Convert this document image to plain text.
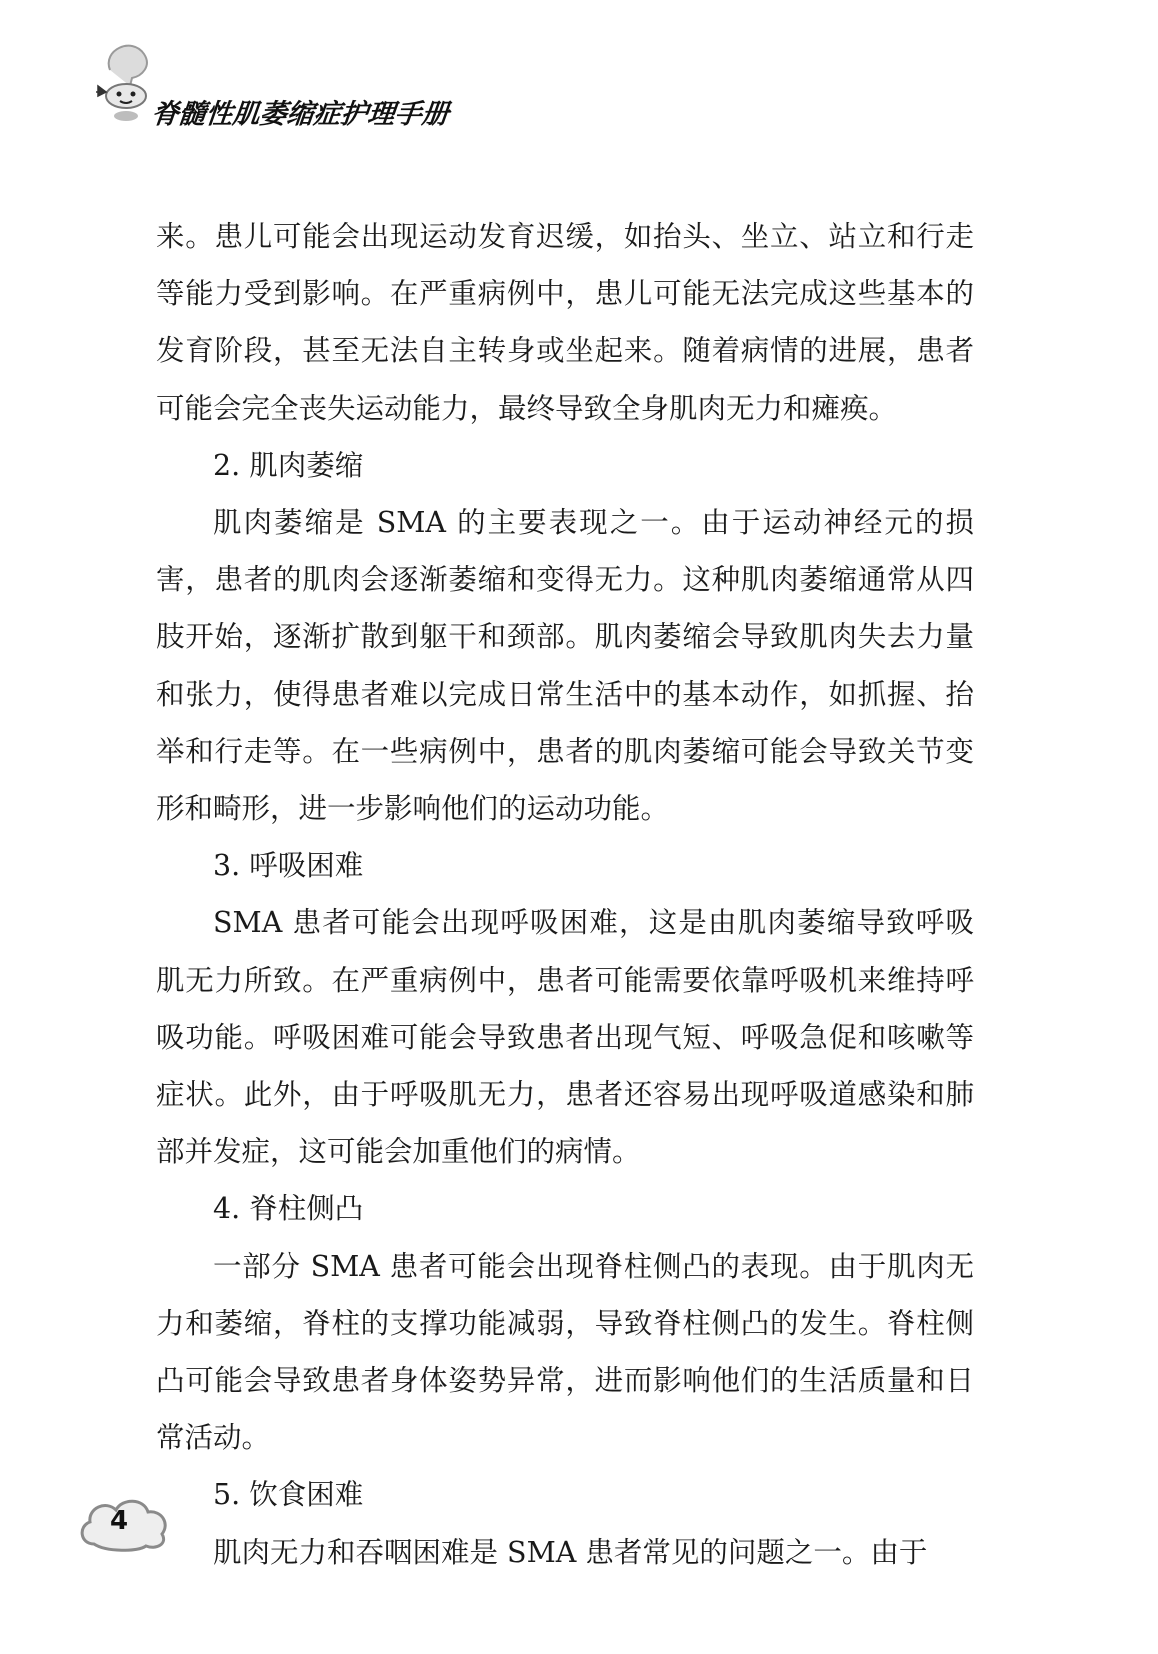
脊髓性肌萎缩症护理手册

来。患儿可能会出现运动发育迟缓，如抬头、坐立、站立和行走等能力受到影响。在严重病例中，患儿可能无法完成这些基本的发育阶段，甚至无法自主转身或坐起来。随着病情的进展，患者可能会完全丧失运动能力，最终导致全身肌肉无力和瘫痪。

2. 肌肉萎缩

肌肉萎缩是 SMA 的主要表现之一。由于运动神经元的损害，患者的肌肉会逐渐萎缩和变得无力。这种肌肉萎缩通常从四肢开始，逐渐扩散到躯干和颈部。肌肉萎缩会导致肌肉失去力量和张力，使得患者难以完成日常生活中的基本动作，如抓握、抬举和行走等。在一些病例中，患者的肌肉萎缩可能会导致关节变形和畸形，进一步影响他们的运动功能。

3. 呼吸困难

SMA 患者可能会出现呼吸困难，这是由肌肉萎缩导致呼吸肌无力所致。在严重病例中，患者可能需要依靠呼吸机来维持呼吸功能。呼吸困难可能会导致患者出现气短、呼吸急促和咳嗽等症状。此外，由于呼吸肌无力，患者还容易出现呼吸道感染和肺部并发症，这可能会加重他们的病情。

4. 脊柱侧凸

一部分 SMA 患者可能会出现脊柱侧凸的表现。由于肌肉无力和萎缩，脊柱的支撑功能减弱，导致脊柱侧凸的发生。脊柱侧凸可能会导致患者身体姿势异常，进而影响他们的生活质量和日常活动。

5. 饮食困难

肌肉无力和吞咽困难是 SMA 患者常见的问题之一。由于

4
